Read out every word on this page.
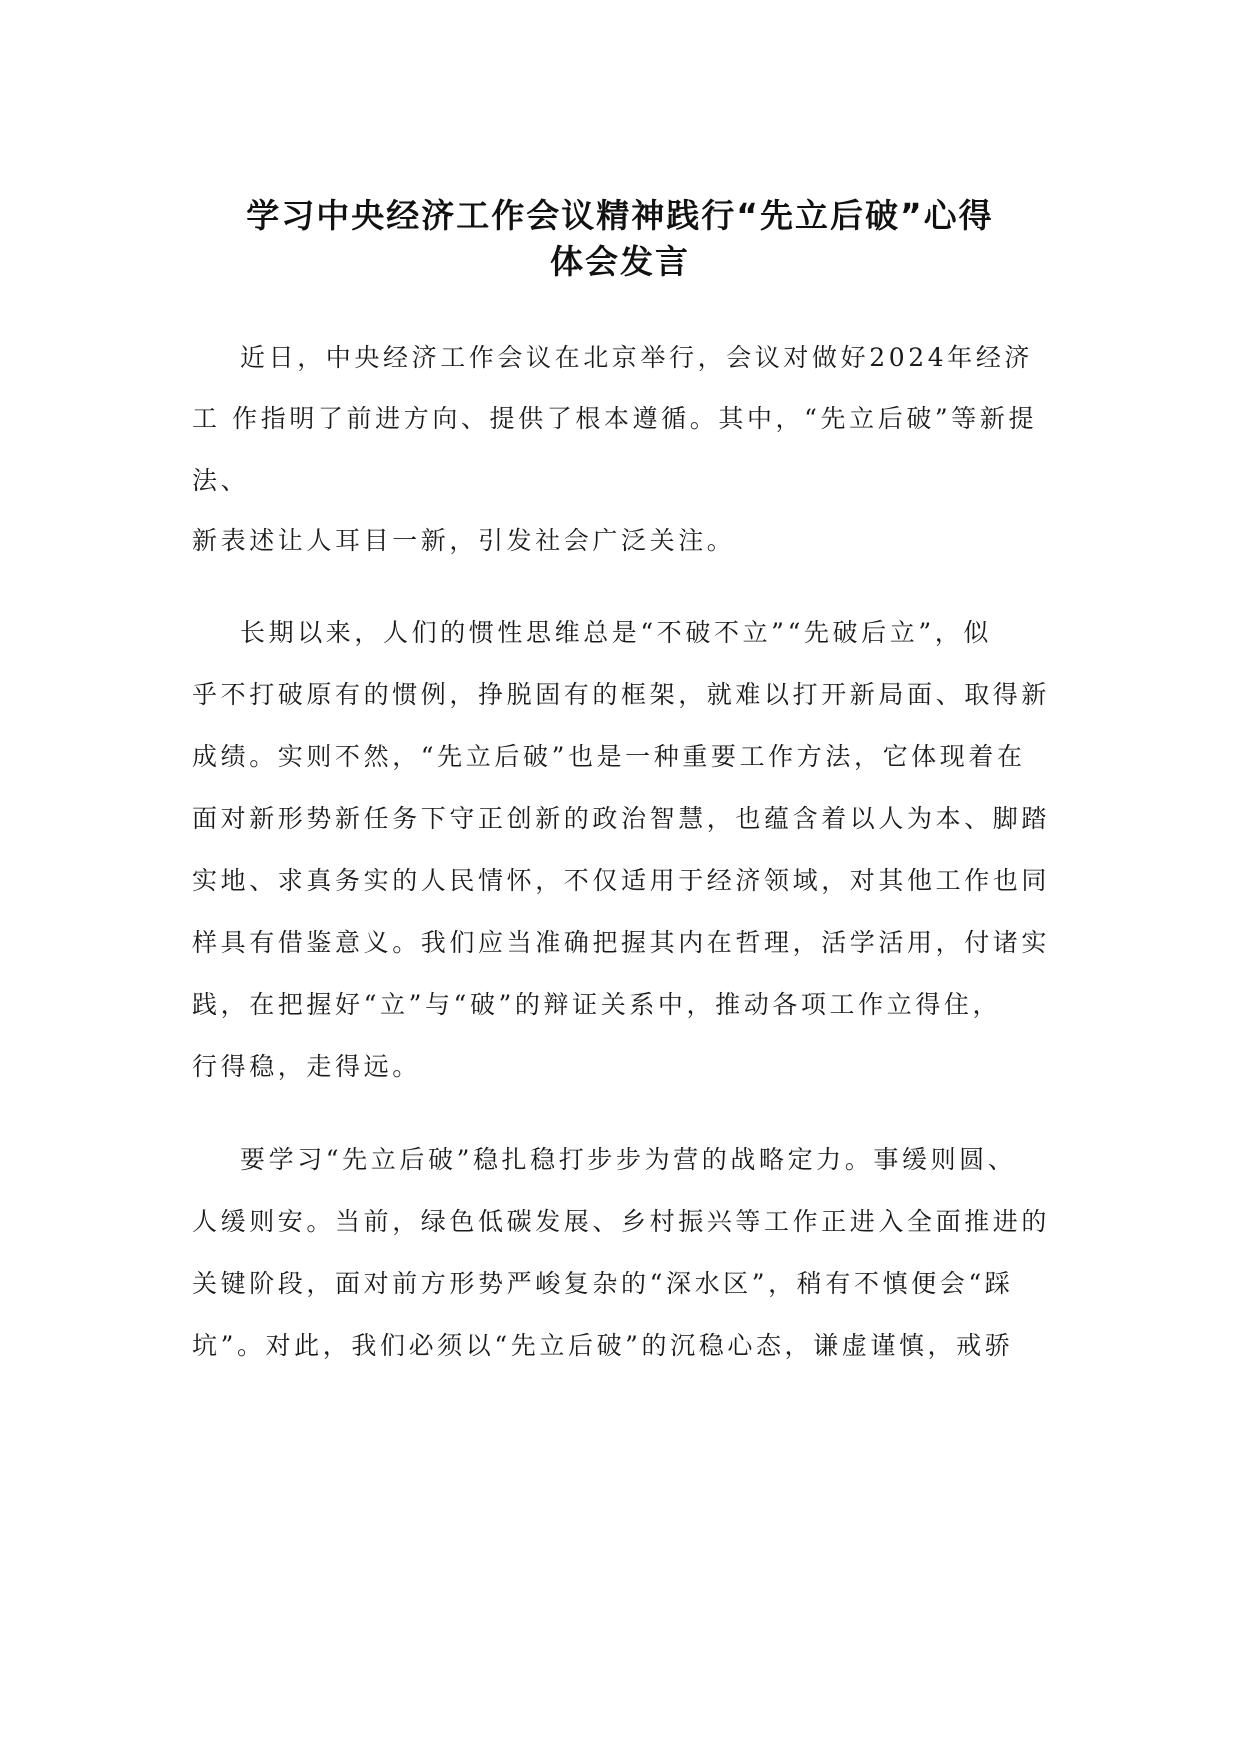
学习中央经济工作会议精神践行“先立后破”心得
体会发言

近日，中央经济工作会议在北京举行，会议对做好2024年经济

工 作指明了前进方向、提供了根本遵循。其中，“先立后破”等新提

法、

新表述让人耳目一新，引发社会广泛关注。

长期以来，人们的惯性思维总是“不破不立”“先破后立”，似

乎不打破原有的惯例，挣脱固有的框架，就难以打开新局面、取得新

成绩。实则不然，“先立后破”也是一种重要工作方法，它体现着在

面对新形势新任务下守正创新的政治智慧，也蕴含着以人为本、脚踏

实地、求真务实的人民情怀，不仅适用于经济领域，对其他工作也同

样具有借鉴意义。我们应当准确把握其内在哲理，活学活用，付诸实

践，在把握好“立”与“破”的辩证关系中，推动各项工作立得住，

行得稳，走得远。

要学习“先立后破”稳扎稳打步步为营的战略定力。事缓则圆、

人缓则安。当前，绿色低碳发展、乡村振兴等工作正进入全面推进的

关键阶段，面对前方形势严峻复杂的“深水区”，稍有不慎便会“踩

坑”。对此，我们必须以“先立后破”的沉稳心态，谦虚谨慎，戒骄
